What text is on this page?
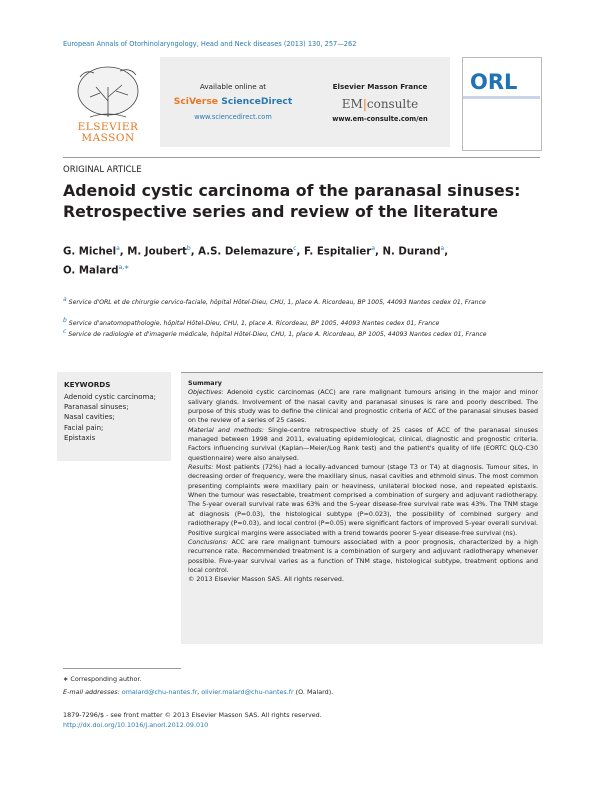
European Annals of Otorhinolaryngology, Head and Neck diseases (2013) 130, 257—262
ELSEVIER MASSON
Available online at
SciVerse ScienceDirect
www.sciencedirect.com
Elsevier Masson France
EM|consulte
www.em-consulte.com/en
ORL
ORIGINAL ARTICLE
Adenoid cystic carcinoma of the paranasal sinuses:
Retrospective series and review of the literature
G. Michel$^a$, M. Joubert$^b$, A.S. Delemazure$^c$, F. Espitalier$^a$, N. Durand$^a$,
O. Malard$^{a,∗}$
$^a$ Service d'ORL et de chirurgie cervico-faciale, hôpital Hôtel-Dieu, CHU, 1, place A. Ricordeau, BP 1005, 44093 Nantes cedex 01, France
$^b$ Service d'anatomopathologie, hôpital Hôtel-Dieu, CHU, 1, place A. Ricordeau, BP 1005, 44093 Nantes cedex 01, France
$^c$ Service de radiologie et d'imagerie médicale, hôpital Hôtel-Dieu, CHU, 1, place A. Ricordeau, BP 1005, 44093 Nantes cedex 01, France
KEYWORDS
Adenoid cystic carcinoma;
Paranasal sinuses;
Nasal cavities;
Facial pain;
Epistaxis
Summary
Objectives: Adenoid cystic carcinomas (ACC) are rare malignant tumours arising in the major and minor salivary glands. Involvement of the nasal cavity and paranasal sinuses is rare and poorly described. The purpose of this study was to define the clinical and prognostic criteria of ACC of the paranasal sinuses based on the review of a series of 25 cases.
Material and methods: Single-centre retrospective study of 25 cases of ACC of the paranasal sinuses managed between 1998 and 2011, evaluating epidemiological, clinical, diagnostic and prognostic criteria. Factors influencing survival (Kaplan—Meier/Log Rank test) and the patient's quality of life (EORTC QLQ-C30 questionnaire) were also analysed.
Results: Most patients (72%) had a locally-advanced tumour (stage T3 or T4) at diagnosis. Tumour sites, in decreasing order of frequency, were the maxillary sinus, nasal cavities and ethmoid sinus. The most common presenting complaints were maxillary pain or heaviness, unilateral blocked nose, and repeated epistaxis. When the tumour was resectable, treatment comprised a combination of surgery and adjuvant radiotherapy. The 5-year overall survival rate was 63% and the 5-year disease-free survival rate was 43%. The TNM stage at diagnosis (P=0.03), the histological subtype (P=0.023), the possibility of combined surgery and radiotherapy (P=0.03), and local control (P=0.05) were significant factors of improved 5-year overall survival. Positive surgical margins were associated with a trend towards poorer 5-year disease-free survival (ns).
Conclusions: ACC are rare malignant tumours associated with a poor prognosis, characterized by a high recurrence rate. Recommended treatment is a combination of surgery and adjuvant radiotherapy whenever possible. Five-year survival varies as a function of TNM stage, histological subtype, treatment options and local control.
© 2013 Elsevier Masson SAS. All rights reserved.
∗ Corresponding author.
E-mail addresses: omalard@chu-nantes.fr, olivier.malard@chu-nantes.fr (O. Malard).
1879-7296/$ - see front matter © 2013 Elsevier Masson SAS. All rights reserved.
http://dx.doi.org/10.1016/j.anorl.2012.09.010
